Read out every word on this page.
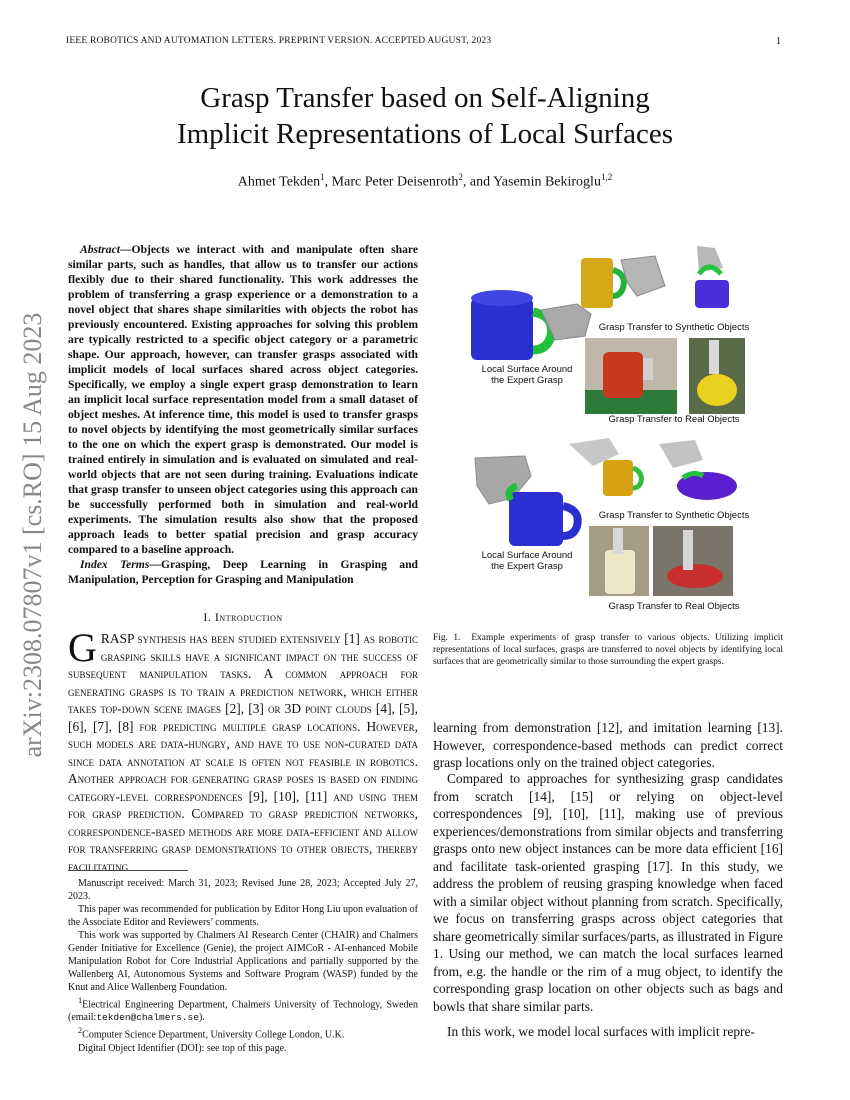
IEEE ROBOTICS AND AUTOMATION LETTERS. PREPRINT VERSION. ACCEPTED AUGUST, 2023	1
Grasp Transfer based on Self-Aligning
Implicit Representations of Local Surfaces
Ahmet Tekden$^1$, Marc Peter Deisenroth$^2$, and Yasemin Bekiroglu$^{1,2}$
arXiv:2308.07807v1 [cs.RO] 15 Aug 2023
Abstract—Objects we interact with and manipulate often share similar parts, such as handles, that allow us to transfer our actions flexibly due to their shared functionality. This work addresses the problem of transferring a grasp experience or a demonstration to a novel object that shares shape similarities with objects the robot has previously encountered. Existing approaches for solving this problem are typically restricted to a specific object category or a parametric shape. Our approach, however, can transfer grasps associated with implicit models of local surfaces shared across object categories. Specifically, we employ a single expert grasp demonstration to learn an implicit local surface representation model from a small dataset of object meshes. At inference time, this model is used to transfer grasps to novel objects by identifying the most geometrically similar surfaces to the one on which the expert grasp is demonstrated. Our model is trained entirely in simulation and is evaluated on simulated and real-world objects that are not seen during training. Evaluations indicate that grasp transfer to unseen object categories using this approach can be successfully performed both in simulation and real-world experiments. The simulation results also show that the proposed approach leads to better spatial precision and grasp accuracy compared to a baseline approach.
Index Terms—Grasping, Deep Learning in Grasping and Manipulation, Perception for Grasping and Manipulation
I. Introduction
GRASP synthesis has been studied extensively [1] as robotic grasping skills have a significant impact on the success of subsequent manipulation tasks. A common approach for generating grasps is to train a prediction network, which either takes top-down scene images [2], [3] or 3D point clouds [4], [5], [6], [7], [8] for predicting multiple grasp locations. However, such models are data-hungry, and have to use non-curated data since data annotation at scale is often not feasible in robotics. Another approach for generating grasp poses is based on finding category-level correspondences [9], [10], [11] and using them for grasp prediction. Compared to grasp prediction networks, correspondence-based methods are more data-efficient and allow for transferring grasp demonstrations to other objects, thereby facilitating

Manuscript received: March 31, 2023; Revised June 28, 2023; Accepted July 27, 2023.

This paper was recommended for publication by Editor Hong Liu upon evaluation of the Associate Editor and Reviewers’ comments.

This work was supported by Chalmers AI Research Center (CHAIR) and Chalmers Gender Initiative for Excellence (Genie), the project AIMCoR - AI-enhanced Mobile Manipulation Robot for Core Industrial Applications and partially supported by the Wallenberg AI, Autonomous Systems and Software Program (WASP) funded by the Knut and Alice Wallenberg Foundation.

$^1$Electrical Engineering Department, Chalmers University of Technology, Sweden (email:tekden@chalmers.se).

$^2$Computer Science Department, University College London, U.K.

Digital Object Identifier (DOI): see top of this page.

Local Surface Around the Expert Grasp
Grasp Transfer to Synthetic Objects
Grasp Transfer to Real Objects
Local Surface Around the Expert Grasp
Grasp Transfer to Synthetic Objects
Grasp Transfer to Real Objects
Fig. 1. Example experiments of grasp transfer to various objects. Utilizing implicit representations of local surfaces, grasps are transferred to novel objects by identifying local surfaces that are geometrically similar to those surrounding the expert grasps.
learning from demonstration [12], and imitation learning [13]. However, correspondence-based methods can predict correct grasp locations only on the trained object categories.
Compared to approaches for synthesizing grasp candidates from scratch [14], [15] or relying on object-level correspondences [9], [10], [11], making use of previous experiences/demonstrations from similar objects and transferring grasps onto new object instances can be more data efficient [16] and facilitate task-oriented grasping [17]. In this study, we address the problem of reusing grasping knowledge when faced with a similar object without planning from scratch. Specifically, we focus on transferring grasps across object categories that share geometrically similar surfaces/parts, as illustrated in Figure 1. Using our method, we can match the local surfaces learned from, e.g. the handle or the rim of a mug object, to identify the corresponding grasp location on other objects such as bags and bowls that share similar parts.
In this work, we model local surfaces with implicit repre-
